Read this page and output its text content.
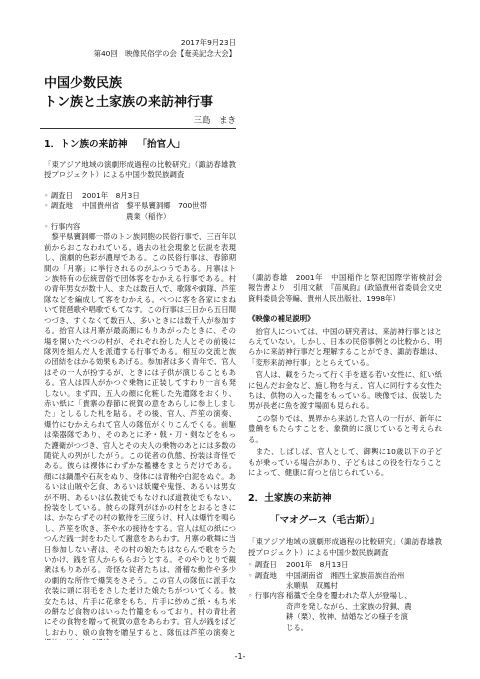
2017年9月23日
第40回　映像民俗学の会【奄美記念大会】
中国少数民族
トン族と土家族の来訪神行事
三島　まき
1．トン族の来訪神 「抬官人」

「東アジア地域の演劇形成過程の比較研究」（諏訪春雄教授プロジェクト）による中国少数民族調査

◦ 調査日	2001年　8月3日
◦ 調査地	中国貴州省　黎平県竇洞郷　700世帯
農業（稲作）
◦ 行事内容

　黎平県竇洞郷一帯のトン族同胞の民俗行事で、三百年以前からおこなわれている。過去の社会現象と伝説を表現し、演劇的色彩が濃厚である。この民俗行事は、春節期間の「月寨」に挙行されるのがふつうである。月寨はトン族特有の伝統習俗で団体客をむかえる行事である。村の青年男女が数十人、または数百人で、歌隊や戯隊、芦笙隊などを編成して客をむかえる。ぺつに客を各家にまねいて琵琶歌や唱歌でもてなす。この行事は三日から五日間つづき、すくなくて数百人、多いときには数千人が参加する。抬官人は月寨が最高潮にもりあがったときに、その場を開いたぺつの村が、それぞれ扮した人とその前後に隊列を組んだ人を派遣する行事である。相互の交流と族の団結をはかる効果もあげる。参加者は多く青年で、官人はその一人が扮するが、ときには子供が演じることもある。官人は四人がかつぐ乗物に正装してすわり一言も発しない。まず四、五人の顔に化粧した先遣隊をおくり、赤い紙に「貴寨の春節に祝賀の意をあらしに参上しました」としるした札を貼る。その後、官人、芦笙の演奏、爆竹にむかえられて官人の隊伍がくりこんでくる。前駆は楽器隊であり、そのあとに矛・戟・刀・剣などをもった護衛がつづき、官人とその夫人の乗物のあとには多数の随従人の列がしたがう。この従者の仇態、扮装は奇怪である。彼らは裸体にわずかな襤褸をまとうだけである。顔には鍋墨や石灰をぬり、身体には青釉や白泥をぬぐ。あるいは山賊や乞食、あるいは妖魔や鬼怪、あるいは男女が不明、あるいは仏教徒でもなければ道教徒でもない、扮装をしている。彼らの隊列がほかの村をとおるときには、かならずその村の歓待を三度うけ、村人は爆竹を鳴らし、芦笙を吹き、茶や水の接待をする。官人は紅の紙につつんだ銭一封をわたして謝意をあらわす。月寨の歌舞に当日参加しない者は、その村の娘たちはならんで歌をうたいかけ、銭を官人からもらおうとする。そのやりとりで観衆はもりあがる。奇怪な従者たちは、滑稽な動作や多少の劇的な所作で爆笑をさそう。この官人の隊伍に派手な衣装に頭に羽毛をさした老けた娘たちがついてくる。彼女たちは、片手に花傘をもち、片手に紗めご紙・もち米の餅など食物のはいった竹籠をもっており、村の青壮者にその食物を贈って祝賀の意をあらわす。官人が銭をばどしおわり、娘の食物を贈呈すると、隊伍は芦笙の演奏と

（諏訪春雄　2001年　中国稲作と祭祀国際学術検討会　報告書より　引用文献　『苗風韵』(政協貴州省委員会文史資料委員会等編、貴州人民出版社、1998年）

《映像の補足説明》

　抬官人については、中国の研究者は、来訪神行事とはとらえていない。しかし、日本の民俗事例との比較から、明らかに来訪神行事だと理解することができ、諏訪春雄は、「変形来訪神行事」ととらえている。

　官人は、載をうたって行く手を遮る若い女性に、紅い紙に包んだお金など、施し物を与え、官人に同行する女性たちは、供物の入った籠をもっている。映像では、仮装した男が長老に魚を渡す場面も見られる。

　この祭りでは、異界から来訪した官人の一行が、新年に豊饒をもたらすことを、象徴的に演じていると考えられる。

　また、しばしば、官人として、御輿に10歳以下の子どもが乗っている場合があり、子どもはこの役を行なうことによって、健康に育つと信じられている。

2．土家族の来訪神
「マオグース（毛古斯）」

「東アジア地域の演劇形成過程の比較研究」（諏訪春雄教授プロジェクト）による中国少数民族調査

◦ 調査日	2001年　8月13日
◦ 調査地	中国湖南省　湘西土家族苗族自治州
永順県　双鳳村
◦ 行事内容 稲藁で全身を覆われた草人が登場し、
奇声を発しながら、土家族の狩猟、農
耕（栗）、牧神、結婚などの様子を演
じる。
-1-
